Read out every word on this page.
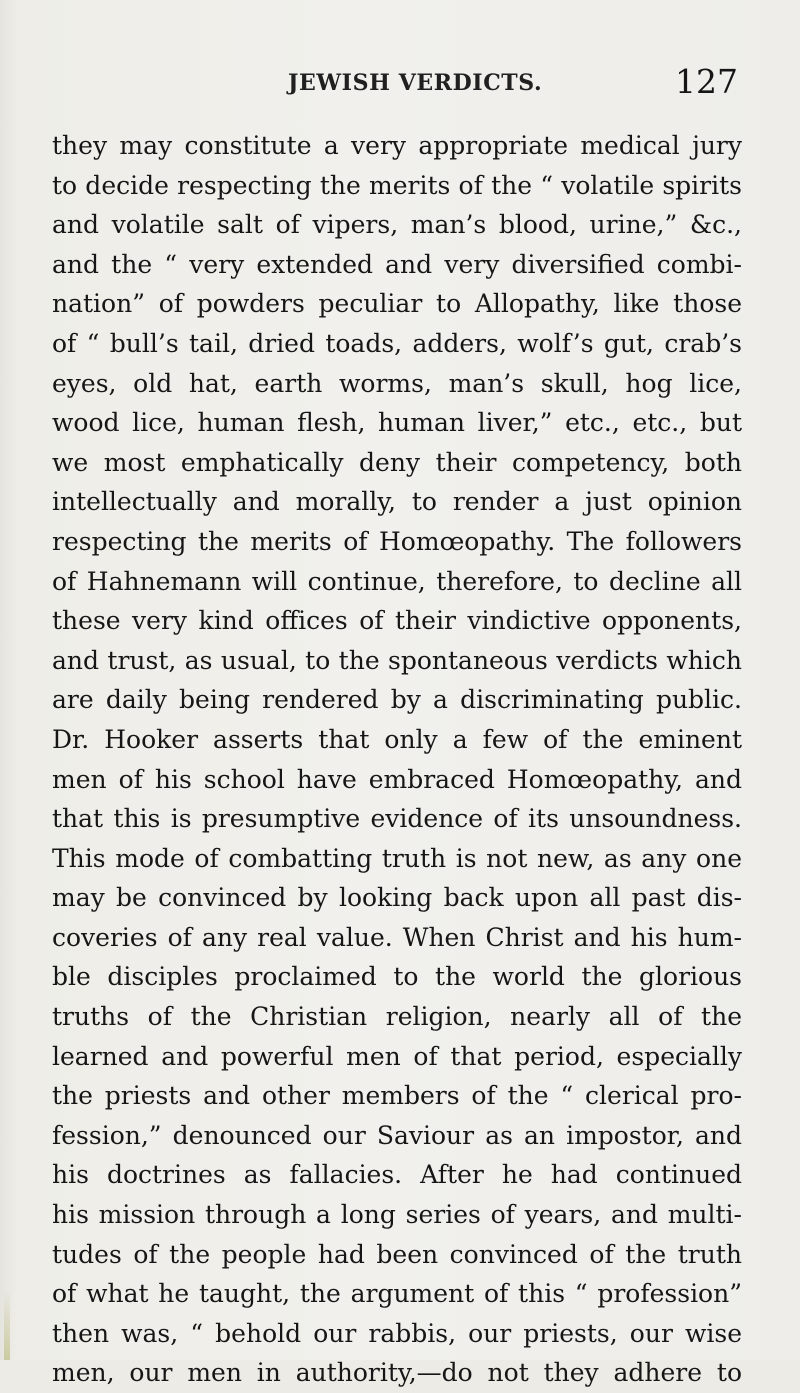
JEWISH VERDICTS.	127
they may constitute a very appropriate medical jury
to decide respecting the merits of the “ volatile spirits
and volatile salt of vipers, man’s blood, urine,” &c.,
and the “ very extended and very diversified combi-
nation” of powders peculiar to Allopathy, like those
of “ bull’s tail, dried toads, adders, wolf’s gut, crab’s
eyes, old hat, earth worms, man’s skull, hog lice,
wood lice, human flesh, human liver,” etc., etc., but
we most emphatically deny their competency, both
intellectually and morally, to render a just opinion
respecting the merits of Homœopathy. The followers
of Hahnemann will continue, therefore, to decline all
these very kind offices of their vindictive opponents,
and trust, as usual, to the spontaneous verdicts which
are daily being rendered by a discriminating public.
Dr. Hooker asserts that only a few of the eminent
men of his school have embraced Homœopathy, and
that this is presumptive evidence of its unsoundness.
This mode of combatting truth is not new, as any one
may be convinced by looking back upon all past dis-
coveries of any real value. When Christ and his hum-
ble disciples proclaimed to the world the glorious
truths of the Christian religion, nearly all of the
learned and powerful men of that period, especially
the priests and other members of the “ clerical pro-
fession,” denounced our Saviour as an impostor, and
his doctrines as fallacies. After he had continued
his mission through a long series of years, and multi-
tudes of the people had been convinced of the truth
of what he taught, the argument of this “ profession”
then was, “ behold our rabbis, our priests, our wise
men, our men in authority,—do not they adhere to
